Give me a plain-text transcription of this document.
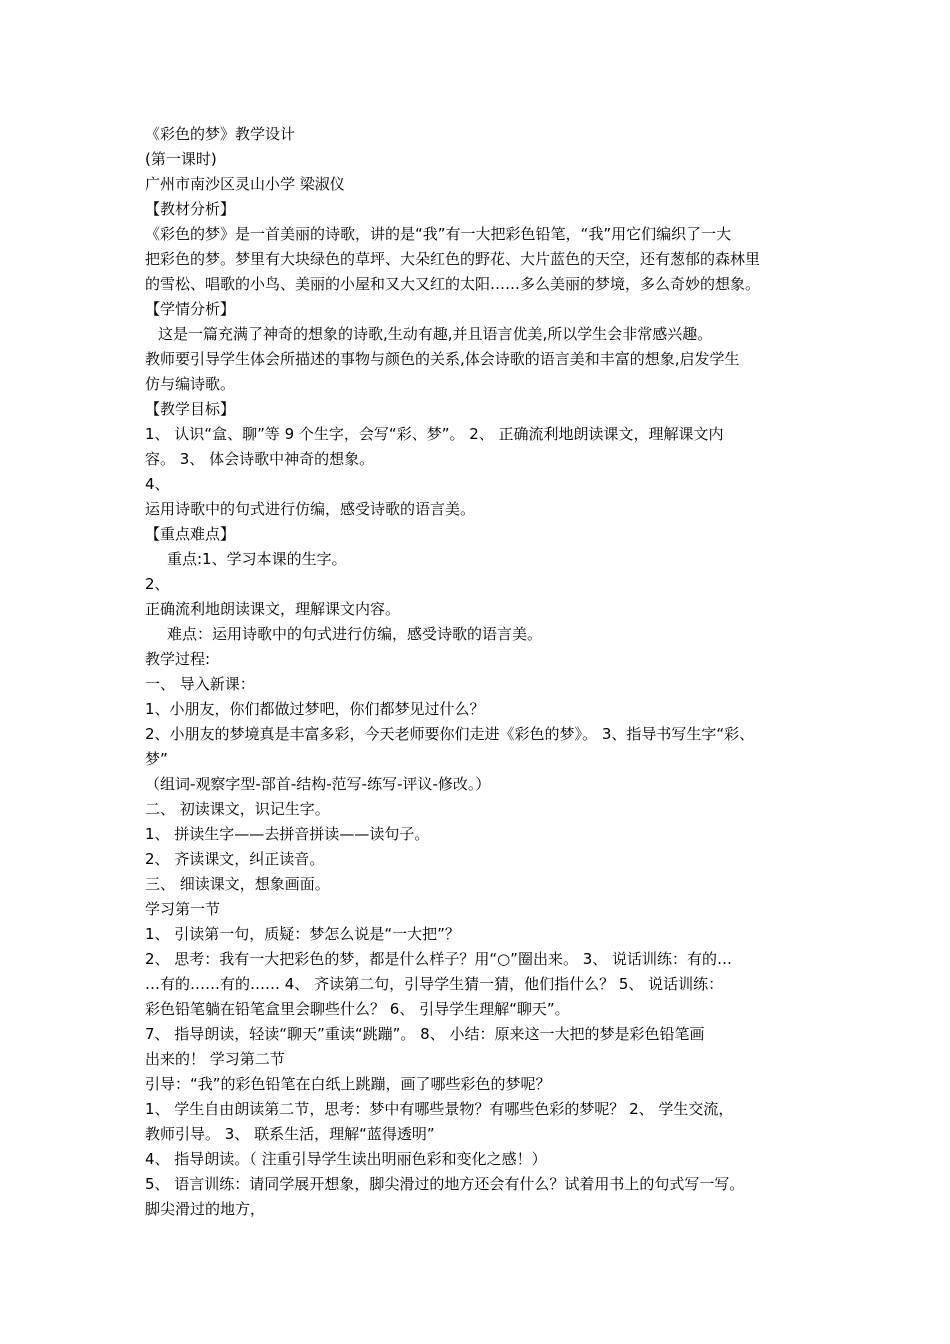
《彩色的梦》教学设计
(第一课时)
广州市南沙区灵山小学 梁淑仪
【教材分析】
《彩色的梦》是一首美丽的诗歌，讲的是“我”有一大把彩色铅笔，“我”用它们编织了一大
把彩色的梦。梦里有大块绿色的草坪、大朵红色的野花、大片蓝色的天空，还有葱郁的森林里
的雪松、唱歌的小鸟、美丽的小屋和又大又红的太阳……多么美丽的梦境，多么奇妙的想象。
【学情分析】
这是一篇充满了神奇的想象的诗歌,生动有趣,并且语言优美,所以学生会非常感兴趣。
教师要引导学生体会所描述的事物与颜色的关系,体会诗歌的语言美和丰富的想象,启发学生
仿与编诗歌。
【教学目标】
1、 认识“盒、聊”等 9 个生字，会写“彩、梦”。 2、 正确流利地朗读课文，理解课文内
容。 3、 体会诗歌中神奇的想象。
4、
运用诗歌中的句式进行仿编，感受诗歌的语言美。
【重点难点】
重点:1、学习本课的生字。
2、
正确流利地朗读课文，理解课文内容。
难点：运用诗歌中的句式进行仿编，感受诗歌的语言美。
教学过程:
一、 导入新课：
1、小朋友，你们都做过梦吧，你们都梦见过什么？
2、小朋友的梦境真是丰富多彩，今天老师要你们走进《彩色的梦》。 3、指导书写生字“彩、
梦”
（组词-观察字型-部首-结构-范写-练写-评议-修改。）
二、 初读课文，识记生字。
1、 拼读生字——去拼音拼读——读句子。
2、 齐读课文，纠正读音。
三、 细读课文，想象画面。
学习第一节
1、 引读第一句，质疑：梦怎么说是“一大把”？
2、 思考：我有一大把彩色的梦，都是什么样子？用“○”圈出来。 3、 说话训练：有的…
…有的……有的…… 4、 齐读第二句，引导学生猜一猜，他们指什么？ 5、 说话训练：
彩色铅笔躺在铅笔盒里会聊些什么？ 6、 引导学生理解“聊天”。
7、 指导朗读，轻读“聊天”重读“跳蹦”。 8、 小结：原来这一大把的梦是彩色铅笔画
出来的！ 学习第二节
引导：“我”的彩色铅笔在白纸上跳蹦，画了哪些彩色的梦呢？
1、 学生自由朗读第二节，思考：梦中有哪些景物？有哪些色彩的梦呢？ 2、 学生交流，
教师引导。 3、 联系生活，理解“蓝得透明”
4、 指导朗读。（ 注重引导学生读出明丽色彩和变化之感！）
5、 语言训练：请同学展开想象，脚尖滑过的地方还会有什么？试着用书上的句式写一写。
脚尖滑过的地方，
